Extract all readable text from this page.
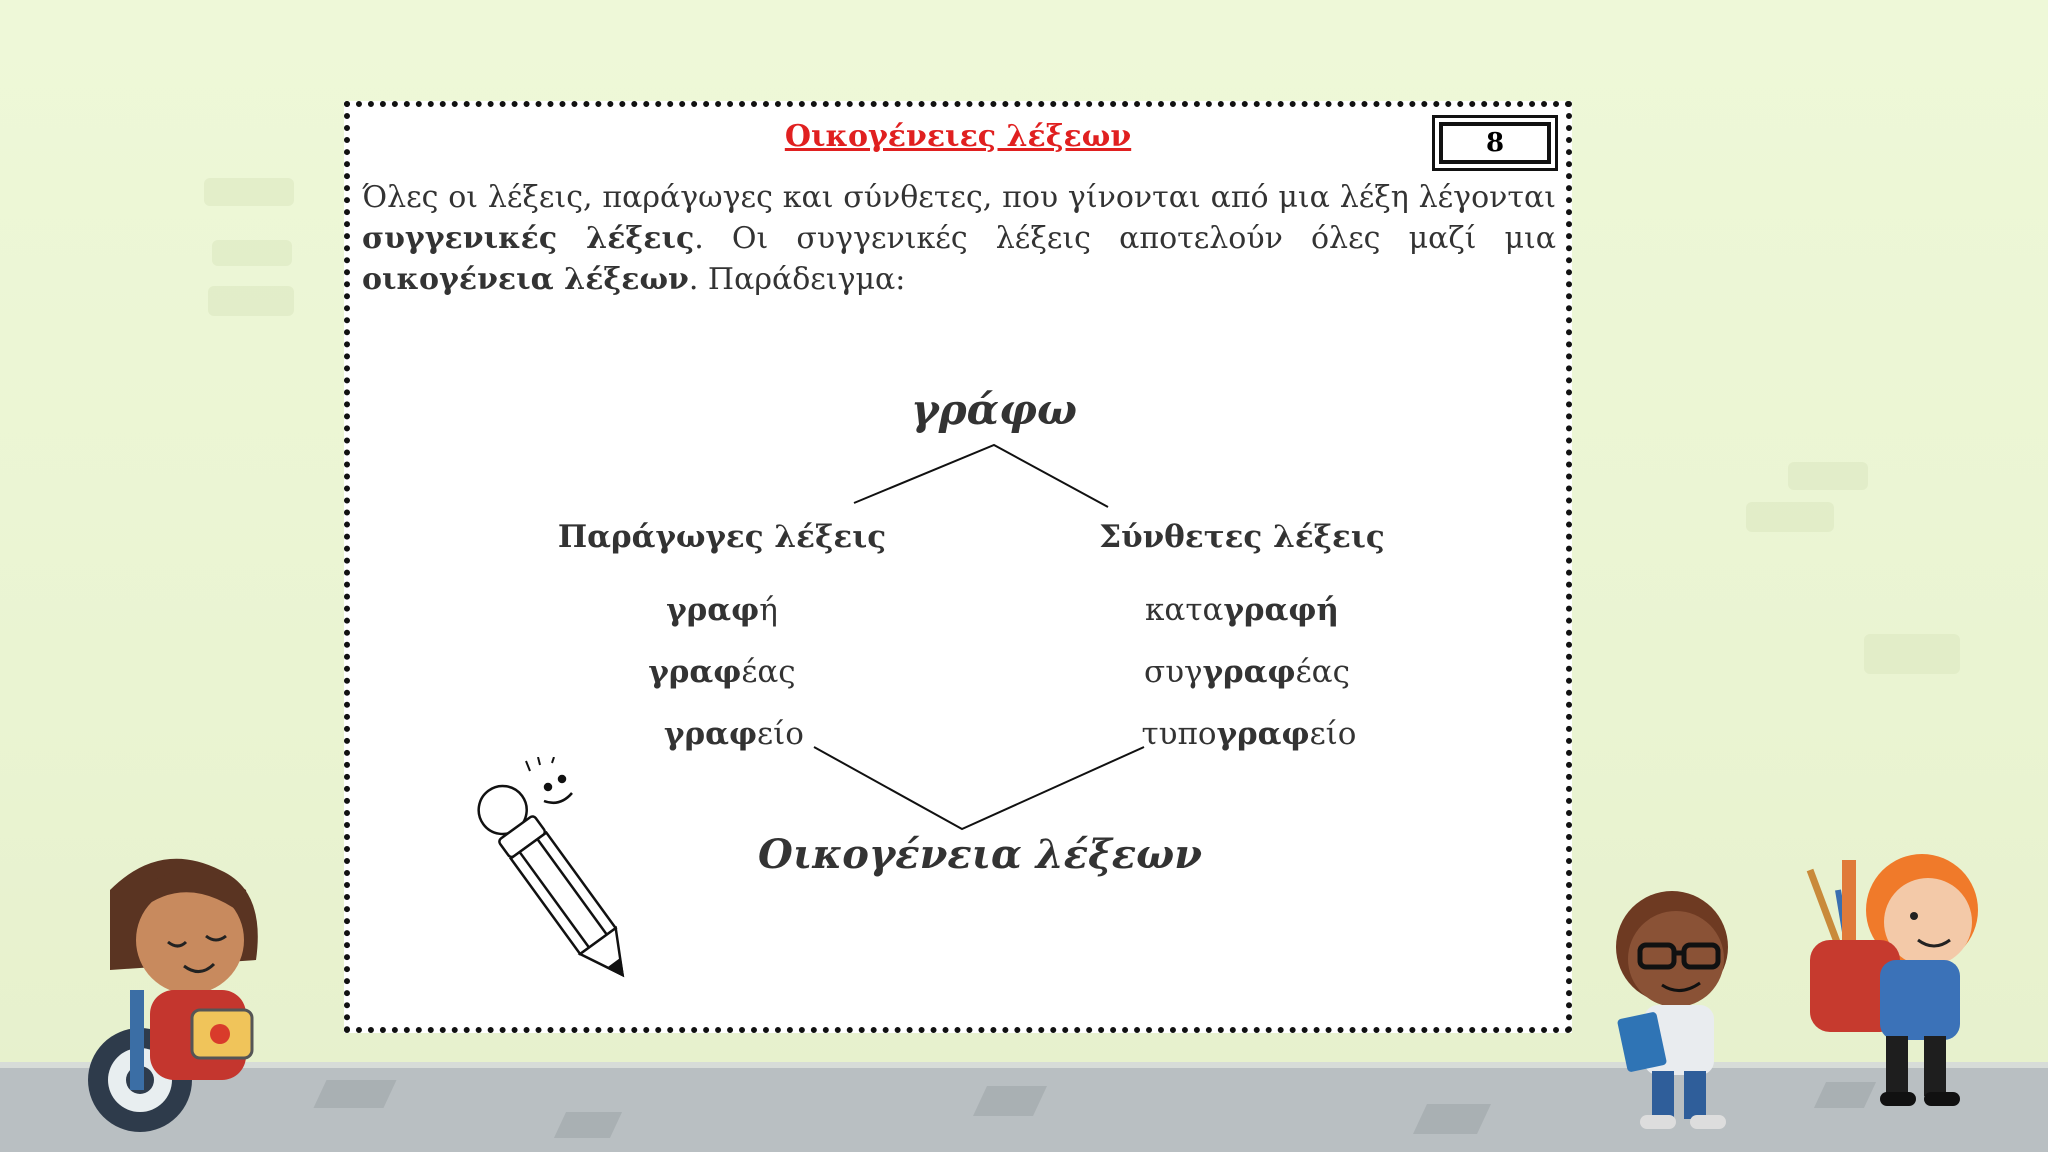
Οικογένειες λέξεων	8
Όλες οι λέξεις, παράγωγες και σύνθετες, που γίνονται από μια λέξη λέγονται συγγενικές λέξεις. Οι συγγενικές λέξεις αποτελούν όλες μαζί μια οικογένεια λέξεων. Παράδειγμα:
γράφω
Παράγωγες λέξεις
γραφή
γραφέας
γραφείο
Σύνθετες λέξεις
καταγραφή
συγγραφέας
τυπογραφείο
Οικογένεια λέξεων
